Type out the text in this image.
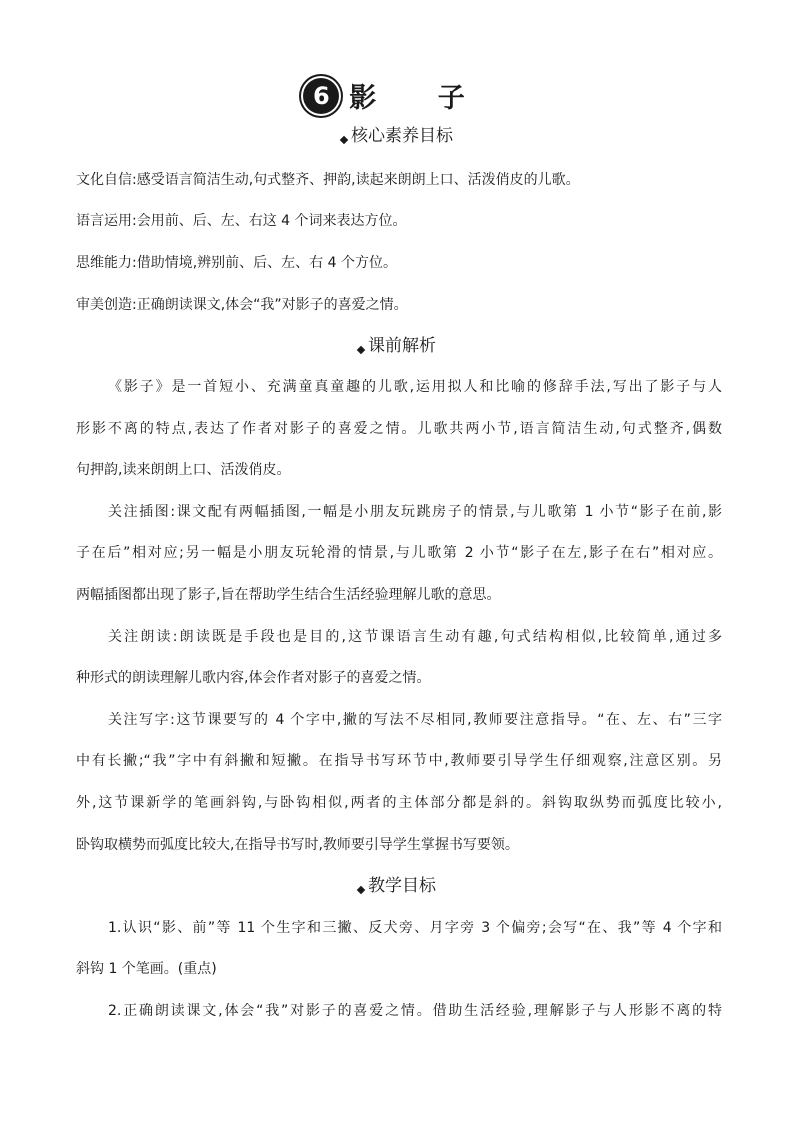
6 影 子
核心素养目标
文化自信:感受语言简洁生动,句式整齐、押韵,读起来朗朗上口、活泼俏皮的儿歌。
语言运用:会用前、后、左、右这 4 个词来表达方位。
思维能力:借助情境,辨别前、后、左、右 4 个方位。
审美创造:正确朗读课文,体会“我”对影子的喜爱之情。
课前解析
《影子》是一首短小、充满童真童趣的儿歌,运用拟人和比喻的修辞手法,写出了影子与人
形影不离的特点,表达了作者对影子的喜爱之情。儿歌共两小节,语言简洁生动,句式整齐,偶数
句押韵,读来朗朗上口、活泼俏皮。
关注插图:课文配有两幅插图,一幅是小朋友玩跳房子的情景,与儿歌第 1 小节“影子在前,影
子在后”相对应;另一幅是小朋友玩轮滑的情景,与儿歌第 2 小节“影子在左,影子在右”相对应。
两幅插图都出现了影子,旨在帮助学生结合生活经验理解儿歌的意思。
关注朗读:朗读既是手段也是目的,这节课语言生动有趣,句式结构相似,比较简单,通过多
种形式的朗读理解儿歌内容,体会作者对影子的喜爱之情。
关注写字:这节课要写的 4 个字中,撇的写法不尽相同,教师要注意指导。“在、左、右”三字
中有长撇;“我”字中有斜撇和短撇。在指导书写环节中,教师要引导学生仔细观察,注意区别。另
外,这节课新学的笔画斜钩,与卧钩相似,两者的主体部分都是斜的。斜钩取纵势而弧度比较小,
卧钩取横势而弧度比较大,在指导书写时,教师要引导学生掌握书写要领。
教学目标
1.认识“影、前”等 11 个生字和三撇、反犬旁、月字旁 3 个偏旁;会写“在、我”等 4 个字和
斜钩 1 个笔画。(重点)
2.正确朗读课文,体会“我”对影子的喜爱之情。借助生活经验,理解影子与人形影不离的特
